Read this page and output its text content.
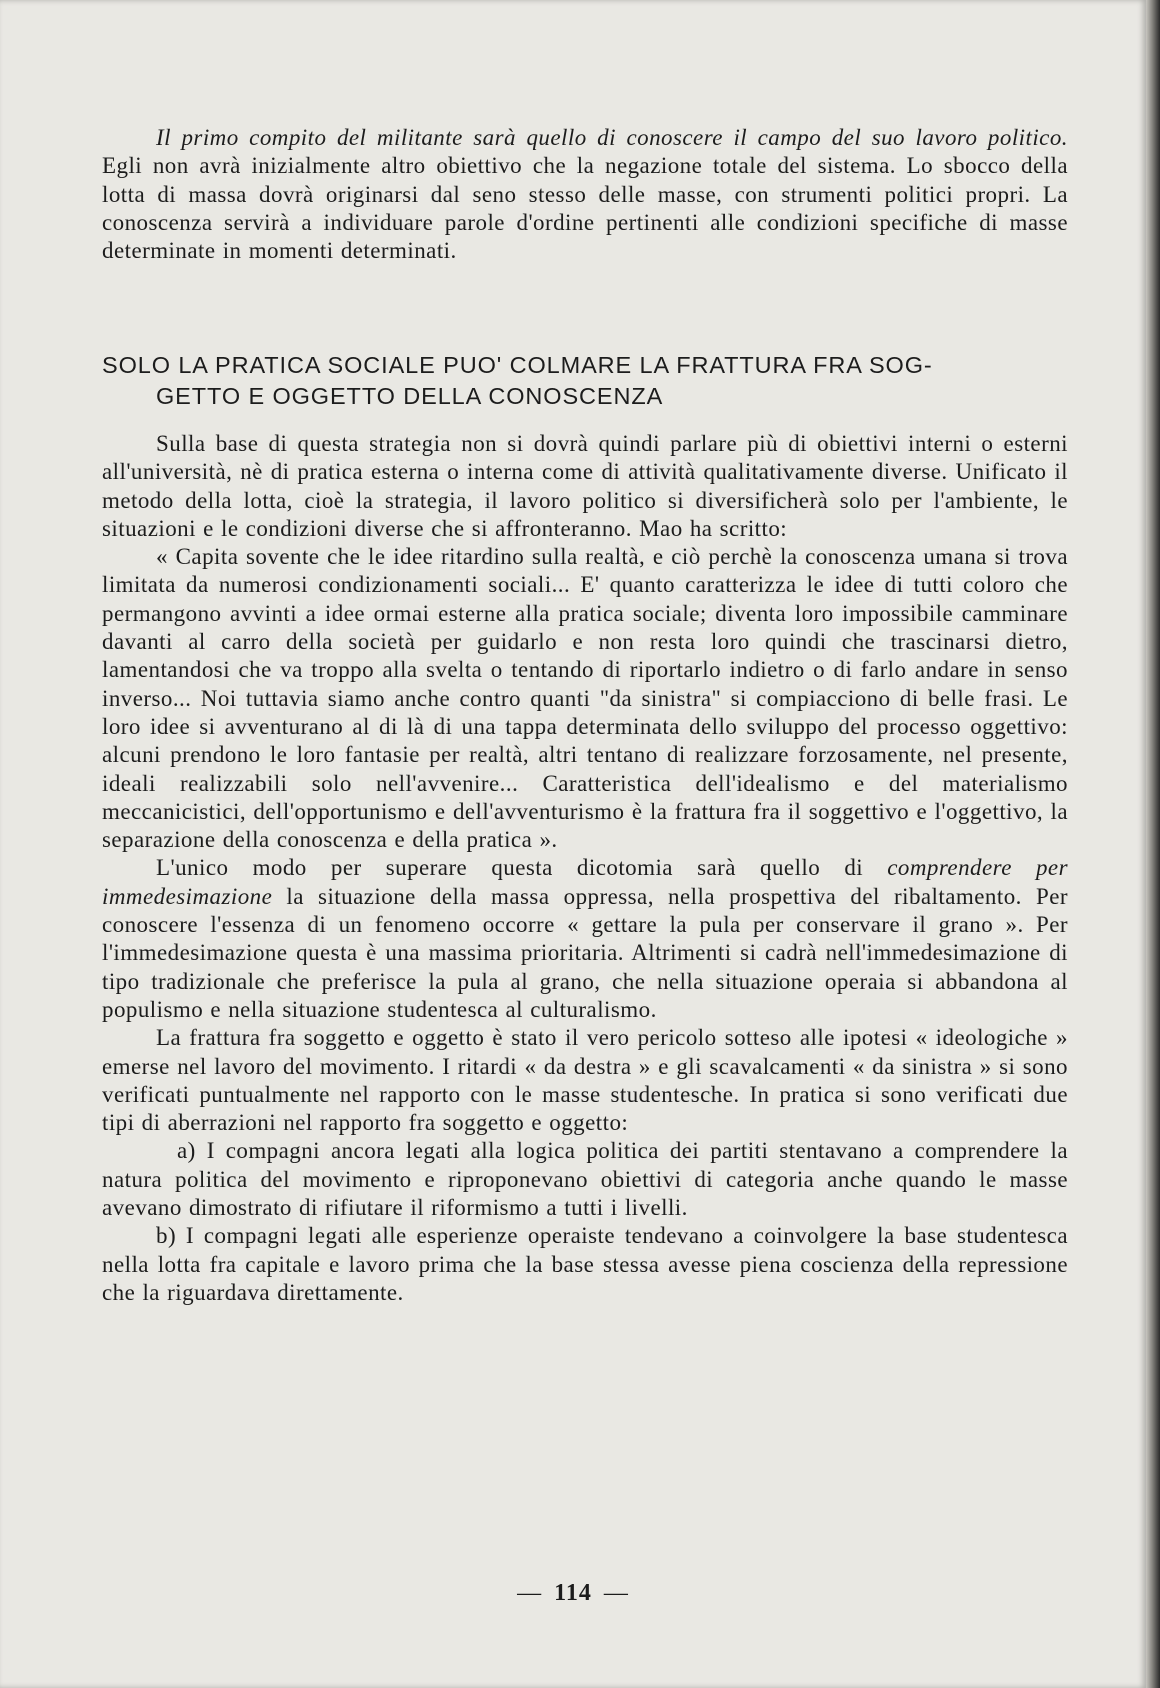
Il primo compito del militante sarà quello di conoscere il campo del suo lavoro politico. Egli non avrà inizialmente altro obiettivo che la negazione totale del sistema. Lo sbocco della lotta di massa dovrà originarsi dal seno stesso delle masse, con strumenti politici propri. La conoscenza servirà a individuare parole d'ordine pertinenti alle condizioni specifiche di masse determinate in momenti determinati.

SOLO LA PRATICA SOCIALE PUO' COLMARE LA FRATTURA FRA SOG-
GETTO E OGGETTO DELLA CONOSCENZA

Sulla base di questa strategia non si dovrà quindi parlare più di obiettivi interni o esterni all'università, nè di pratica esterna o interna come di attività qualitativamente diverse. Unificato il metodo della lotta, cioè la strategia, il lavoro politico si diversificherà solo per l'ambiente, le situazioni e le condizioni diverse che si affronteranno. Mao ha scritto:

« Capita sovente che le idee ritardino sulla realtà, e ciò perchè la conoscenza umana si trova limitata da numerosi condizionamenti sociali... E' quanto caratterizza le idee di tutti coloro che permangono avvinti a idee ormai esterne alla pratica sociale; diventa loro impossibile camminare davanti al carro della società per guidarlo e non resta loro quindi che trascinarsi dietro, lamentandosi che va troppo alla svelta o tentando di riportarlo indietro o di farlo andare in senso inverso... Noi tuttavia siamo anche contro quanti "da sinistra" si compiacciono di belle frasi. Le loro idee si avventurano al di là di una tappa determinata dello sviluppo del processo oggettivo: alcuni prendono le loro fantasie per realtà, altri tentano di realizzare forzosamente, nel presente, ideali realizzabili solo nell'avvenire... Caratteristica dell'idealismo e del materialismo meccanicistici, dell'opportunismo e dell'avventurismo è la frattura fra il soggettivo e l'oggettivo, la separazione della conoscenza e della pratica ».

L'unico modo per superare questa dicotomia sarà quello di comprendere per immedesimazione la situazione della massa oppressa, nella prospettiva del ribaltamento. Per conoscere l'essenza di un fenomeno occorre « gettare la pula per conservare il grano ». Per l'immedesimazione questa è una massima prioritaria. Altrimenti si cadrà nell'immedesimazione di tipo tradizionale che preferisce la pula al grano, che nella situazione operaia si abbandona al populismo e nella situazione studentesca al culturalismo.

La frattura fra soggetto e oggetto è stato il vero pericolo sotteso alle ipotesi « ideologiche » emerse nel lavoro del movimento. I ritardi « da destra » e gli scavalcamenti « da sinistra » si sono verificati puntualmente nel rapporto con le masse studentesche. In pratica si sono verificati due tipi di aberrazioni nel rapporto fra soggetto e oggetto:

a) I compagni ancora legati alla logica politica dei partiti stentavano a comprendere la natura politica del movimento e riproponevano obiettivi di categoria anche quando le masse avevano dimostrato di rifiutare il riformismo a tutti i livelli.

b) I compagni legati alle esperienze operaiste tendevano a coinvolgere la base studentesca nella lotta fra capitale e lavoro prima che la base stessa avesse piena coscienza della repressione che la riguardava direttamente.

— 114 —
